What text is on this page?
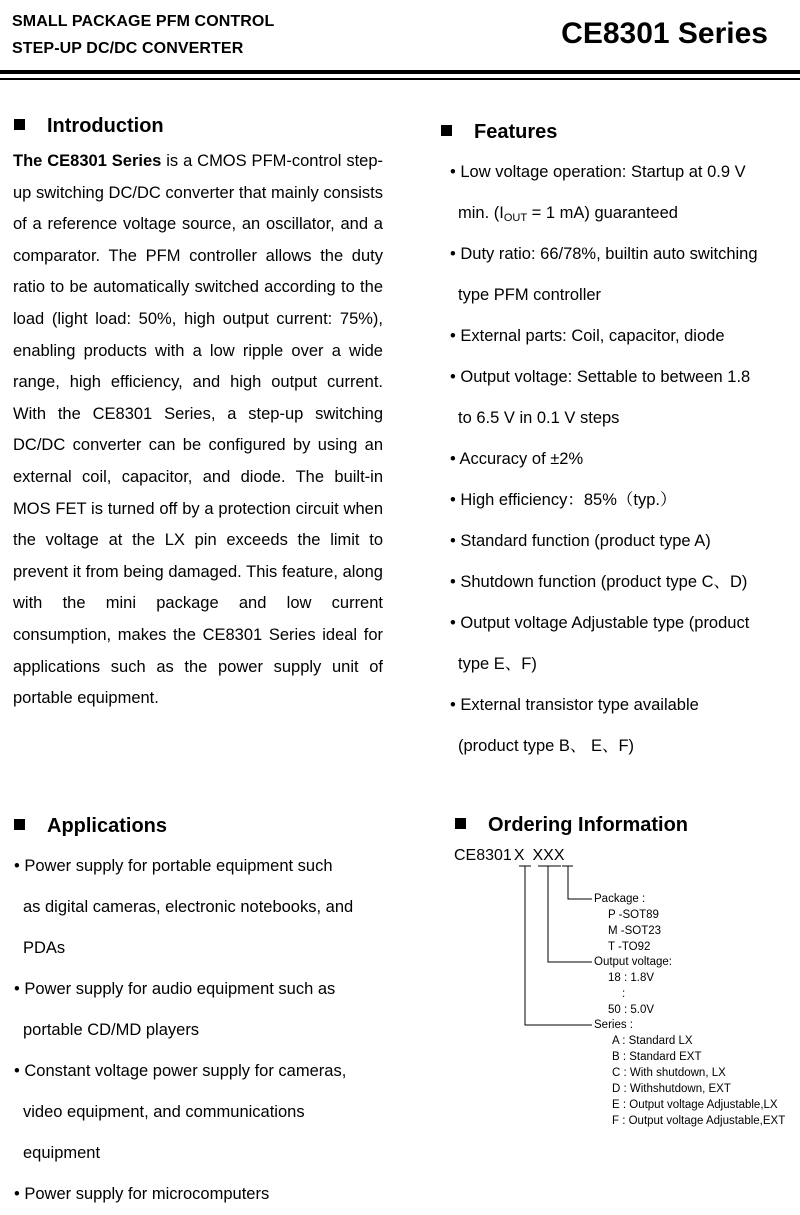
SMALL PACKAGE PFM CONTROL
STEP-UP DC/DC CONVERTER	CE8301 Series
Introduction
The CE8301 Series is a CMOS PFM-control step-up switching DC/DC converter that mainly consists of a reference voltage source, an oscillator, and a comparator. The PFM controller allows the duty ratio to be automatically switched according to the load (light load: 50%, high output current: 75%), enabling products with a low ripple over a wide range, high efficiency, and high output current. With the CE8301 Series, a step-up switching DC/DC converter can be configured by using an external coil, capacitor, and diode. The built-in MOS FET is turned off by a protection circuit when the voltage at the LX pin exceeds the limit to prevent it from being damaged. This feature, along with the mini package and low current consumption, makes the CE8301 Series ideal for applications such as the power supply unit of portable equipment.
Features
• Low voltage operation: Startup at 0.9 V
min. ($I_{OUT} = 1$ mA) guaranteed
• Duty ratio: 66/78%, builtin auto switching
type PFM controller
• External parts: Coil, capacitor, diode
• Output voltage: Settable to between 1.8
to 6.5 V in 0.1 V steps
• Accuracy of ±2%
• High efficiency：85%（typ.）
• Standard function (product type A)
• Shutdown function (product type C、D)
• Output voltage Adjustable type (product
type E、F)
• External transistor type available
(product type B、 E、F)
Applications
• Power supply for portable equipment such
as digital cameras, electronic notebooks, and
PDAs
• Power supply for audio equipment such as
portable CD/MD players
• Constant voltage power supply for cameras,
video equipment, and communications
equipment
• Power supply for microcomputers
Ordering Information
CE8301X XXX
Package :
P -SOT89
M -SOT23
T -TO92
Output voltage:
18 : 1.8V
:
50 : 5.0V
Series :
A : Standard LX
B : Standard EXT
C : With shutdown, LX
D : Withshutdown, EXT
E : Output voltage Adjustable,LX
F : Output voltage Adjustable,EXT
